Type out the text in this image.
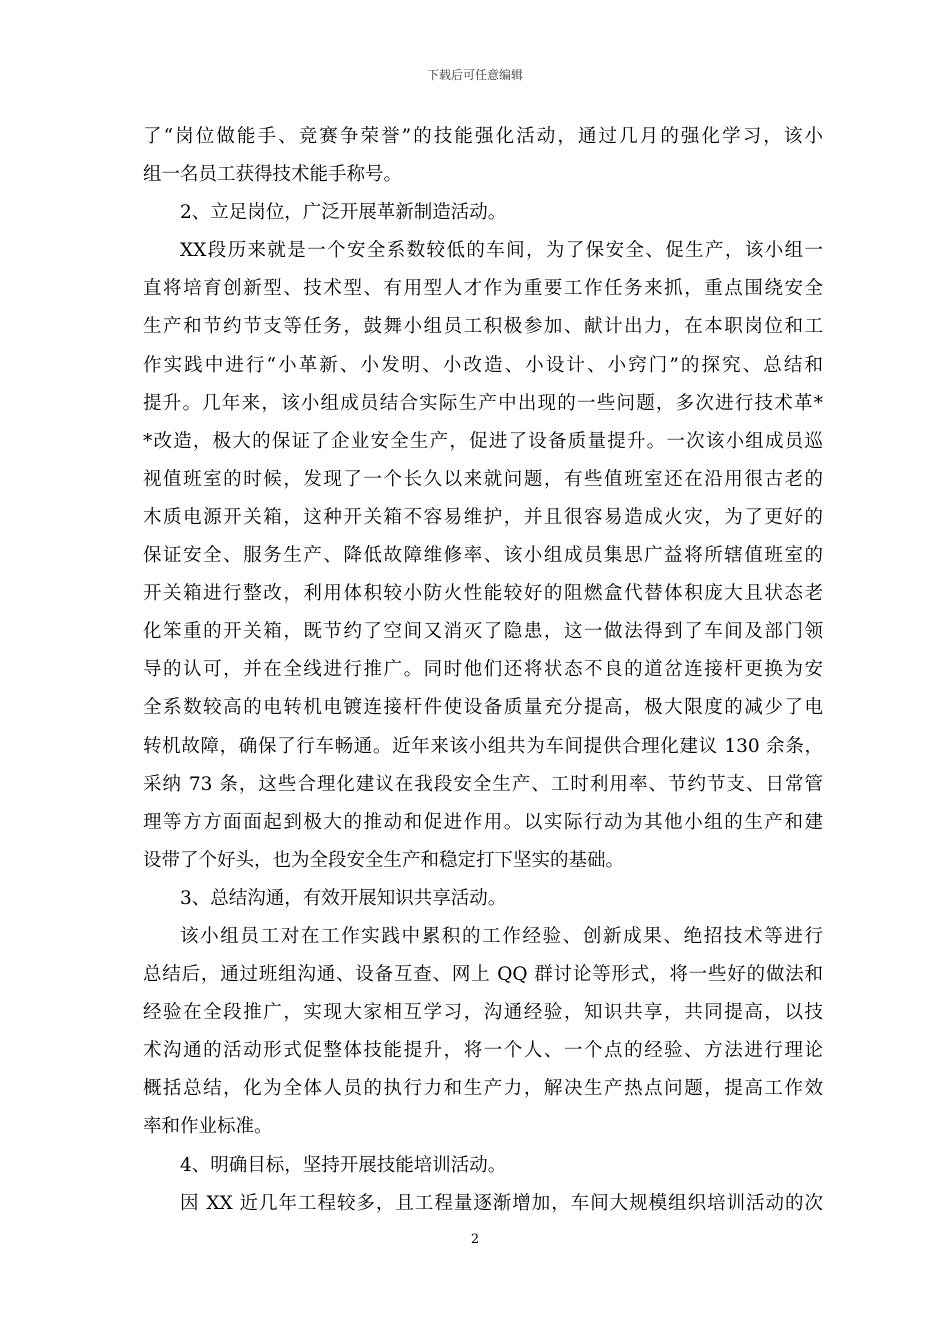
下载后可任意编辑
了“岗位做能手、竞赛争荣誉”的技能强化活动，通过几月的强化学习，该小
组一名员工获得技术能手称号。
2、立足岗位，广泛开展革新制造活动。
XX段历来就是一个安全系数较低的车间，为了保安全、促生产，该小组一
直将培育创新型、技术型、有用型人才作为重要工作任务来抓，重点围绕安全
生产和节约节支等任务，鼓舞小组员工积极参加、献计出力，在本职岗位和工
作实践中进行“小革新、小发明、小改造、小设计、小窍门”的探究、总结和
提升。几年来，该小组成员结合实际生产中出现的一些问题，多次进行技术革*
*改造，极大的保证了企业安全生产，促进了设备质量提升。一次该小组成员巡
视值班室的时候，发现了一个长久以来就问题，有些值班室还在沿用很古老的
木质电源开关箱，这种开关箱不容易维护，并且很容易造成火灾，为了更好的
保证安全、服务生产、降低故障维修率、该小组成员集思广益将所辖值班室的
开关箱进行整改，利用体积较小防火性能较好的阻燃盒代替体积庞大且状态老
化笨重的开关箱，既节约了空间又消灭了隐患，这一做法得到了车间及部门领
导的认可，并在全线进行推广。同时他们还将状态不良的道岔连接杆更换为安
全系数较高的电转机电镀连接杆件使设备质量充分提高，极大限度的减少了电
转机故障，确保了行车畅通。近年来该小组共为车间提供合理化建议 130 余条，
采纳 73 条，这些合理化建议在我段安全生产、工时利用率、节约节支、日常管
理等方方面面起到极大的推动和促进作用。以实际行动为其他小组的生产和建
设带了个好头，也为全段安全生产和稳定打下坚实的基础。
3、总结沟通，有效开展知识共享活动。
该小组员工对在工作实践中累积的工作经验、创新成果、绝招技术等进行
总结后，通过班组沟通、设备互查、网上 QQ 群讨论等形式，将一些好的做法和
经验在全段推广，实现大家相互学习，沟通经验，知识共享，共同提高，以技
术沟通的活动形式促整体技能提升，将一个人、一个点的经验、方法进行理论
概括总结，化为全体人员的执行力和生产力，解决生产热点问题，提高工作效
率和作业标准。
4、明确目标，坚持开展技能培训活动。
因 XX 近几年工程较多，且工程量逐渐增加，车间大规模组织培训活动的次
2
